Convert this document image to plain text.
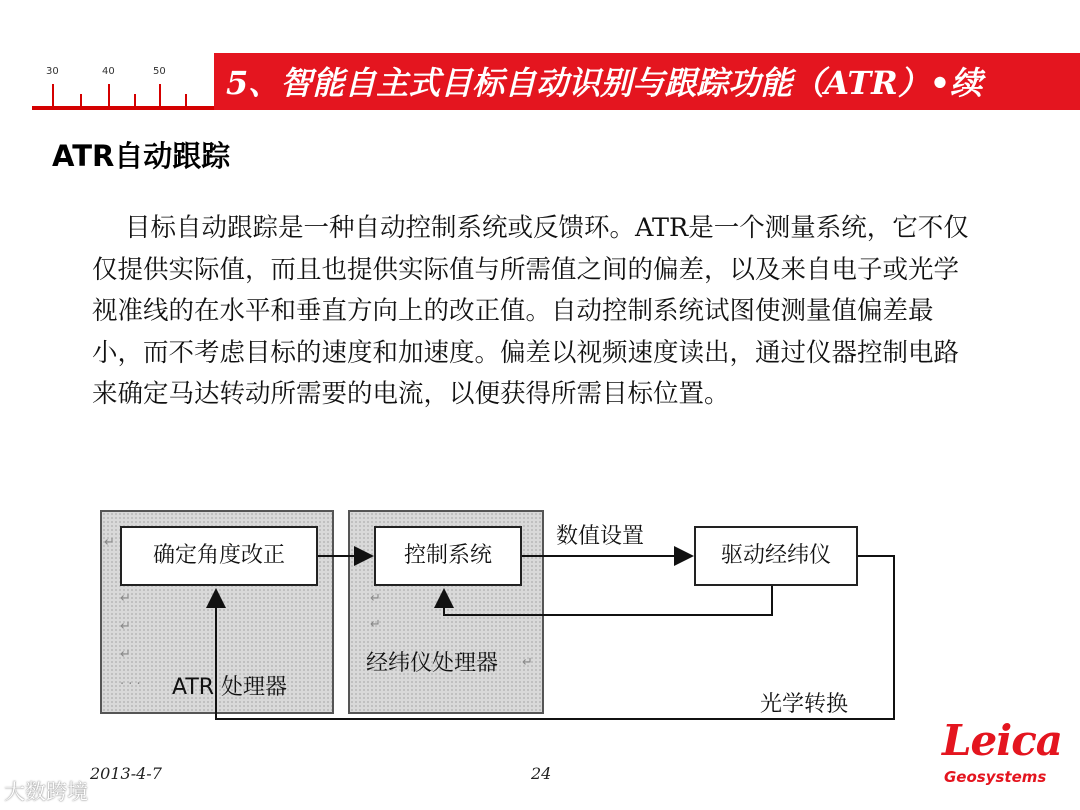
30	40	50	5、智能自主式目标自动识别与跟踪功能（ATR）•续
ATR自动跟踪
目标自动跟踪是一种自动控制系统或反馈环。ATR是一个测量系统，它不仅仅提供实际值，而且也提供实际值与所需值之间的偏差，以及来自电子或光学视准线的在水平和垂直方向上的改正值。自动控制系统试图使测量值偏差最小，而不考虑目标的速度和加速度。偏差以视频速度读出，通过仪器控制电路来确定马达转动所需要的电流，以便获得所需目标位置。
↵
↵
↵
↵
· · ·
↵
↵
↵
确定角度改正	控制系统	驱动经纬仪
ATR 处理器
经纬仪处理器
数值设置
光学转换
2013-4-7	24
Leica
Geosystems
大数跨境
